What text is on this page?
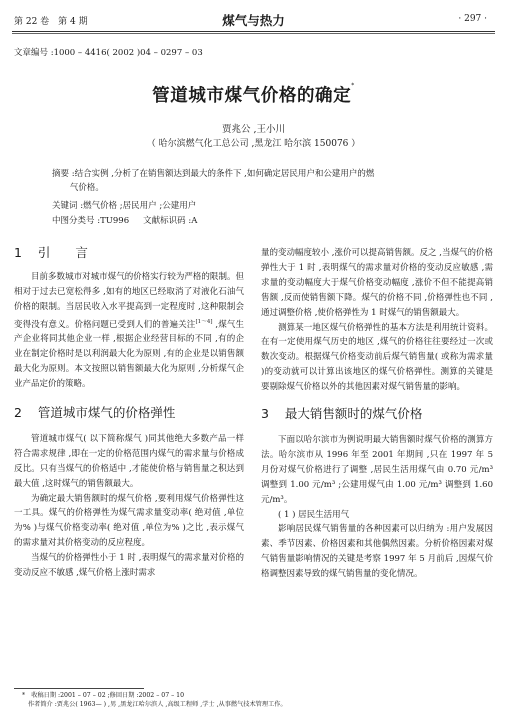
第 22 卷　第 4 期	煤气与热力	· 297 ·
文章编号 :1000 – 4416( 2002 )04 – 0297 – 03
管道城市煤气价格的确定*
贾兆公 ,王小川
（ 哈尔滨燃气化工总公司 ,黑龙江 哈尔滨 150076 ）

摘要 :结合实例 ,分析了在销售额达到最大的条件下 ,如何确定居民用户和公建用户的燃

气价格。

关键词 :燃气价格 ;居民用户 ;公建用户
中图分类号 :TU996 文献标识码 :A
1 引　　言

目前多数城市对城市煤气的价格实行较为严格的限制。但相对于过去已宽松得多 ,如有的地区已经取消了对液化石油气价格的限制。当居民收入水平提高到一定程度时 ,这种限制会变得没有意义。价格问题已受到人们的普遍关注[1～4] ,煤气生产企业将同其他企业一样 ,根据企业经营目标的不同 ,有的企业在制定价格时是以利润最大化为原则 ,有的企业是以销售额最大化为原则。本文按照以销售额最大化为原则 ,分析煤气企业产品定价的策略。

2 管道城市煤气的价格弹性

管道城市煤气( 以下简称煤气 )同其他绝大多数产品一样符合需求规律 ,即在一定的价格范围内煤气的需求量与价格成反比。只有当煤气的价格适中 ,才能使价格与销售量之积达到最大值 ,这时煤气的销售额最大。

为确定最大销售额时的煤气价格 ,要利用煤气价格弹性这一工具。煤气的价格弹性为煤气需求量变动率( 绝对值 ,单位为% )与煤气价格变动率( 绝对值 ,单位为% )之比 ,表示煤气的需求量对其价格变动的反应程度。

当煤气的价格弹性小于 1 时 ,表明煤气的需求量对价格的变动反应不敏感 ,煤气价格上涨时需求

量的变动幅度较小 ,涨价可以提高销售额。反之 ,当煤气的价格弹性大于 1 时 ,表明煤气的需求量对价格的变动反应敏感 ,需求量的变动幅度大于煤气价格变动幅度 ,涨价不但不能提高销售额 ,反而使销售额下降。煤气的价格不同 ,价格弹性也不同 ,通过调整价格 ,使价格弹性为 1 时煤气的销售额最大。

测算某一地区煤气价格弹性的基本方法是利用统计资料。在有一定使用煤气历史的地区 ,煤气的价格往往要经过一次或数次变动。根据煤气价格变动前后煤气销售量( 或称为需求量 )的变动就可以计算出该地区的煤气价格弹性。测算的关键是要剔除煤气价格以外的其他因素对煤气销售量的影响。

3 最大销售额时的煤气价格

下面以哈尔滨市为例说明最大销售额时煤气价格的测算方法。哈尔滨市从 1996 年至 2001 年期间 ,只在 1997 年 5 月份对煤气价格进行了调整 ,居民生活用煤气由 0.70 元/m³ 调整到 1.00 元/m³ ;公建用煤气由 1.00 元/m³ 调整到 1.60 元/m³。

( 1 ) 居民生活用气

影响居民煤气销售量的各种因素可以归纳为 :用户发展因素、季节因素、价格因素和其他偶然因素。分析价格因素对煤气销售量影响情况的关键是考察 1997 年 5 月前后 ,因煤气价格调整因素导致的煤气销售量的变化情况。

*　收稿日期 :2001 – 07 – 02 ;修回日期 :2002 – 07 – 10

作者简介 :贾兆公( 1963— ) ,男 ,黑龙江哈尔滨人 ,高级工程师 ,学士 ,从事燃气技术管理工作。
